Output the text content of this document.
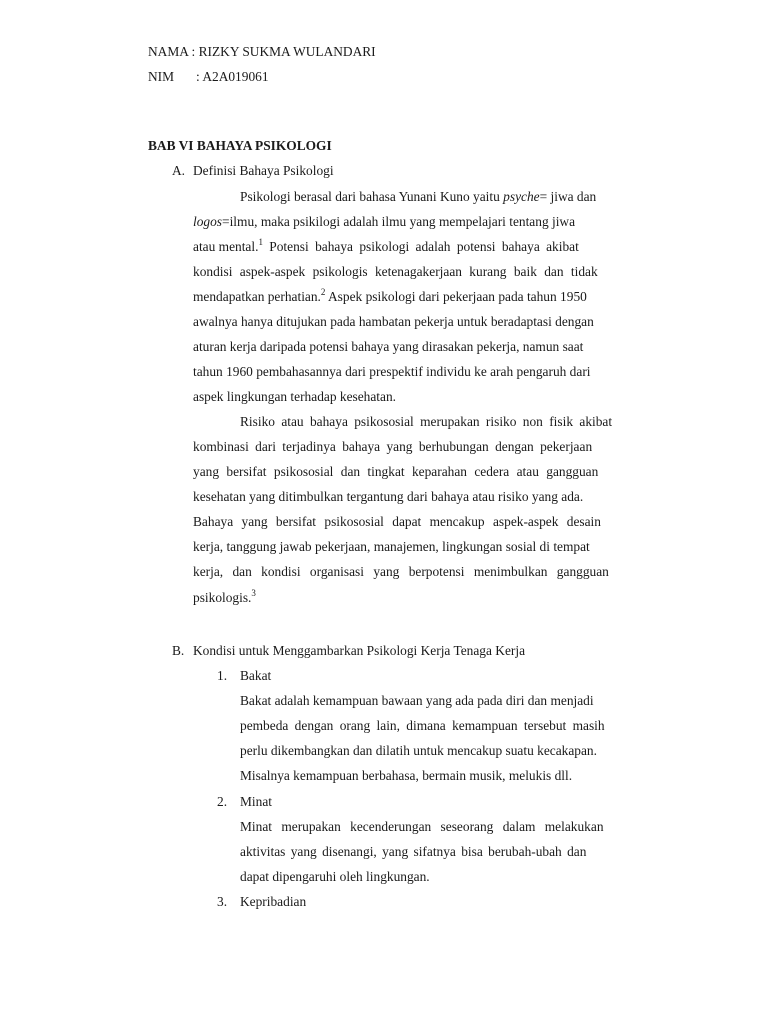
NAMA : RIZKY SUKMA WULANDARI
NIM : A2A019061
BAB VI BAHAYA PSIKOLOGI
A. Definisi Bahaya Psikologi
Psikologi berasal dari bahasa Yunani Kuno yaitu psyche= jiwa dan
logos=ilmu, maka psikilogi adalah ilmu yang mempelajari tentang jiwa
atau mental.$^1$ Potensi bahaya psikologi adalah potensi bahaya akibat
kondisi aspek-aspek psikologis ketenagakerjaan kurang baik dan tidak
mendapatkan perhatian.$^2$ Aspek psikologi dari pekerjaan pada tahun 1950
awalnya hanya ditujukan pada hambatan pekerja untuk beradaptasi dengan
aturan kerja daripada potensi bahaya yang dirasakan pekerja, namun saat
tahun 1960 pembahasannya dari prespektif individu ke arah pengaruh dari
aspek lingkungan terhadap kesehatan.
Risiko atau bahaya psikososial merupakan risiko non fisik akibat
kombinasi dari terjadinya bahaya yang berhubungan dengan pekerjaan
yang bersifat psikososial dan tingkat keparahan cedera atau gangguan
kesehatan yang ditimbulkan tergantung dari bahaya atau risiko yang ada.
Bahaya yang bersifat psikososial dapat mencakup aspek-aspek desain
kerja, tanggung jawab pekerjaan, manajemen, lingkungan sosial di tempat
kerja, dan kondisi organisasi yang berpotensi menimbulkan gangguan
psikologis.$^3$
B. Kondisi untuk Menggambarkan Psikologi Kerja Tenaga Kerja
1. Bakat
Bakat adalah kemampuan bawaan yang ada pada diri dan menjadi
pembeda dengan orang lain, dimana kemampuan tersebut masih
perlu dikembangkan dan dilatih untuk mencakup suatu kecakapan.
Misalnya kemampuan berbahasa, bermain musik, melukis dll.
2. Minat
Minat merupakan kecenderungan seseorang dalam melakukan
aktivitas yang disenangi, yang sifatnya bisa berubah-ubah dan
dapat dipengaruhi oleh lingkungan.
3. Kepribadian
